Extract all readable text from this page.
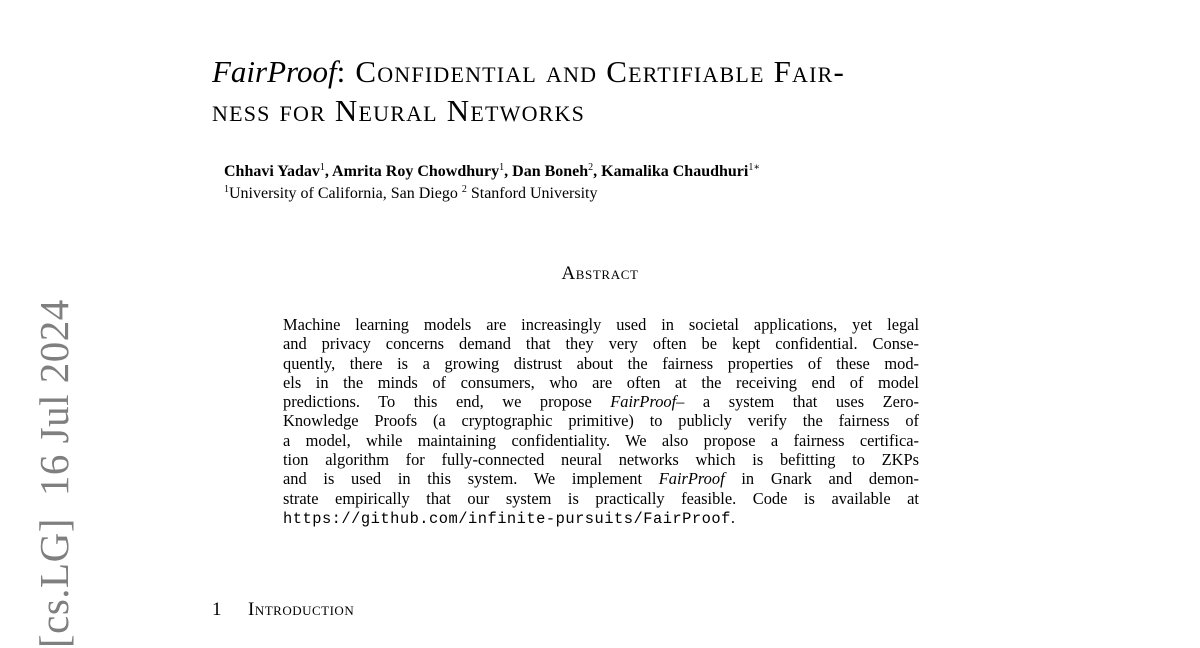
[cs.LG]16 Jul 2024
FairProof: Confidential and Certifiable Fair-
ness for Neural Networks
Chhavi Yadav$^1$, Amrita Roy Chowdhury$^1$, Dan Boneh$^2$, Kamalika Chaudhuri$^{1∗}$
$^1$University of California, San Diego $^2$ Stanford University
Abstract
Machine learning models are increasingly used in societal applications, yet legal
and privacy concerns demand that they very often be kept confidential. Conse-
quently, there is a growing distrust about the fairness properties of these mod-
els in the minds of consumers, who are often at the receiving end of model
predictions. To this end, we propose FairProof– a system that uses Zero-
Knowledge Proofs (a cryptographic primitive) to publicly verify the fairness of
a model, while maintaining confidentiality. We also propose a fairness certifica-
tion algorithm for fully-connected neural networks which is befitting to ZKPs
and is used in this system. We implement FairProof in Gnark and demon-
strate empirically that our system is practically feasible. Code is available at
https://github.com/infinite-pursuits/FairProof.
1 Introduction
